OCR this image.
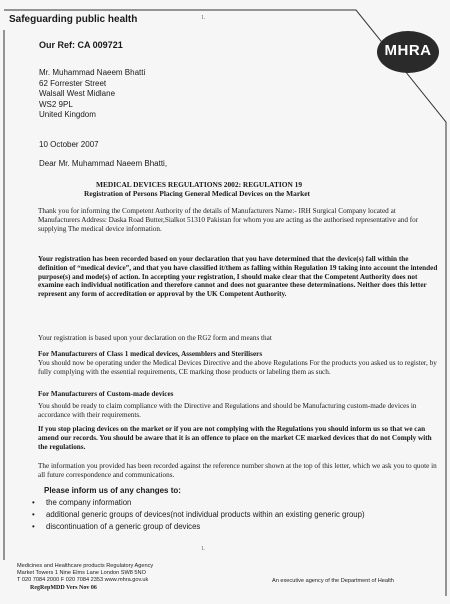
MHRA
Safeguarding public health	1.
Our Ref: CA 009721
Mr. Muhammad Naeem Bhatti
62 Forrester Street
Walsall West Midlane
WS2 9PL
United Kingdom
10 October 2007
Dear Mr. Muhammad Naeem Bhatti,
MEDICAL DEVICES REGULATIONS 2002: REGULATION 19
Registration of Persons Placing General Medical Devices on the Market
Thank you for informing the Competent Authority of the details of Manufacturers Name:- IRH Surgical Company located at Manufacturers Address: Daska Road Butter,Sialkot 51310 Pakistan for whom you are acting as the authorised representative and for supplying The medical device information.
Your registration has been recorded based on your declaration that you have determined that the device(s) fall within the definition of “medical device”, and that you have classified it/them as falling within Regulation 19 taking into account the intended purpose(s) and mode(s) of action. In accepting your registration, I should make clear that the Competent Authority does not examine each individual notification and therefore cannot and does not guarantee these determinations. Neither does this letter represent any form of accreditation or approval by the UK Competent Authority.
Your registration is based upon your declaration on the RG2 form and means that
For Manufacturers of Class 1 medical devices, Assemblers and Sterilisers
You should now be operating under the Medical Devices Directive and the above Regulations For the products you asked us to register, by fully complying with the essential requirements, CE marking those products or labeling them as such.
For Manufacturers of Custom-made devices
You should be ready to claim compliance with the Directive and Regulations and should be Manufacturing custom-made devices in accordance with their requirements.
If you stop placing devices on the market or if you are not complying with the Regulations you should inform us so that we can amend our records. You should be aware that it is an offence to place on the market CE marked devices that do not Comply with the regulations.
The information you provided has been recorded against the reference number shown at the top of this letter, which we ask you to quote in all future correspondence and communications.
Please inform us of any changes to:
• the company information
• additional generic groups of devices(not individual products within an existing generic group)
• discontinuation of a generic group of devices
1.
Medicines and Healthcare products Regulatory Agency
Market Towers 1 Nine Elms Lane London SW8 5NO
T 020 7084 2000 F 020 7084 2353 www.mhra.gov.uk
RegRepMDD Vers Nov 06
An executive agency of the Department of Health
